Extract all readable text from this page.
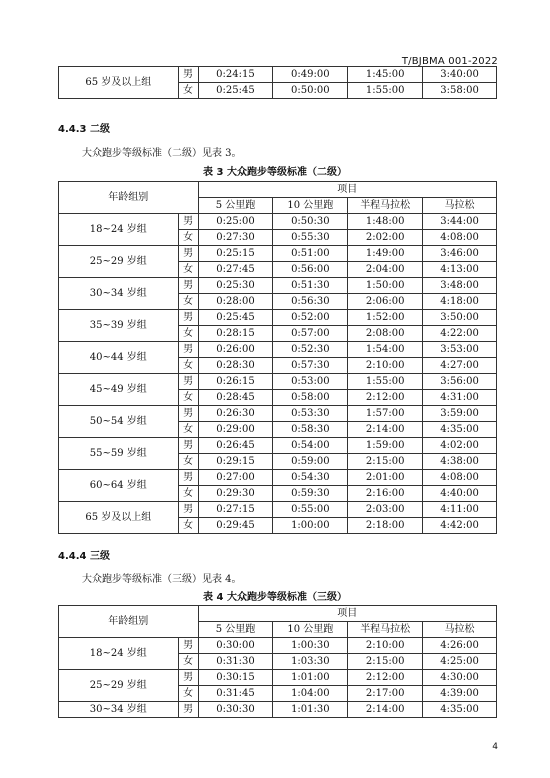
T/BJBMA 001-2022
65 岁及以上组	男	0:24:15	0:49:00	1:45:00	3:40:00
	女	0:25:45	0:50:00	1:55:00	3:58:00
4.4.3 二级
大众跑步等级标准（二级）见表 3。
表 3 大众跑步等级标准（二级）
年龄组别		项目			
		5 公里跑	10 公里跑	半程马拉松	马拉松
18~24 岁组	男	0:25:00	0:50:30	1:48:00	3:44:00
	女	0:27:30	0:55:30	2:02:00	4:08:00
25~29 岁组	男	0:25:15	0:51:00	1:49:00	3:46:00
	女	0:27:45	0:56:00	2:04:00	4:13:00
30~34 岁组	男	0:25:30	0:51:30	1:50:00	3:48:00
	女	0:28:00	0:56:30	2:06:00	4:18:00
35~39 岁组	男	0:25:45	0:52:00	1:52:00	3:50:00
	女	0:28:15	0:57:00	2:08:00	4:22:00
40~44 岁组	男	0:26:00	0:52:30	1:54:00	3:53:00
	女	0:28:30	0:57:30	2:10:00	4:27:00
45~49 岁组	男	0:26:15	0:53:00	1:55:00	3:56:00
	女	0:28:45	0:58:00	2:12:00	4:31:00
50~54 岁组	男	0:26:30	0:53:30	1:57:00	3:59:00
	女	0:29:00	0:58:30	2:14:00	4:35:00
55~59 岁组	男	0:26:45	0:54:00	1:59:00	4:02:00
	女	0:29:15	0:59:00	2:15:00	4:38:00
60~64 岁组	男	0:27:00	0:54:30	2:01:00	4:08:00
	女	0:29:30	0:59:30	2:16:00	4:40:00
65 岁及以上组	男	0:27:15	0:55:00	2:03:00	4:11:00
	女	0:29:45	1:00:00	2:18:00	4:42:00
4.4.4 三级
大众跑步等级标准（三级）见表 4。
表 4 大众跑步等级标准（三级）
年龄组别		项目			
		5 公里跑	10 公里跑	半程马拉松	马拉松
18~24 岁组	男	0:30:00	1:00:30	2:10:00	4:26:00
	女	0:31:30	1:03:30	2:15:00	4:25:00
25~29 岁组	男	0:30:15	1:01:00	2:12:00	4:30:00
	女	0:31:45	1:04:00	2:17:00	4:39:00
30~34 岁组	男	0:30:30	1:01:30	2:14:00	4:35:00
4
